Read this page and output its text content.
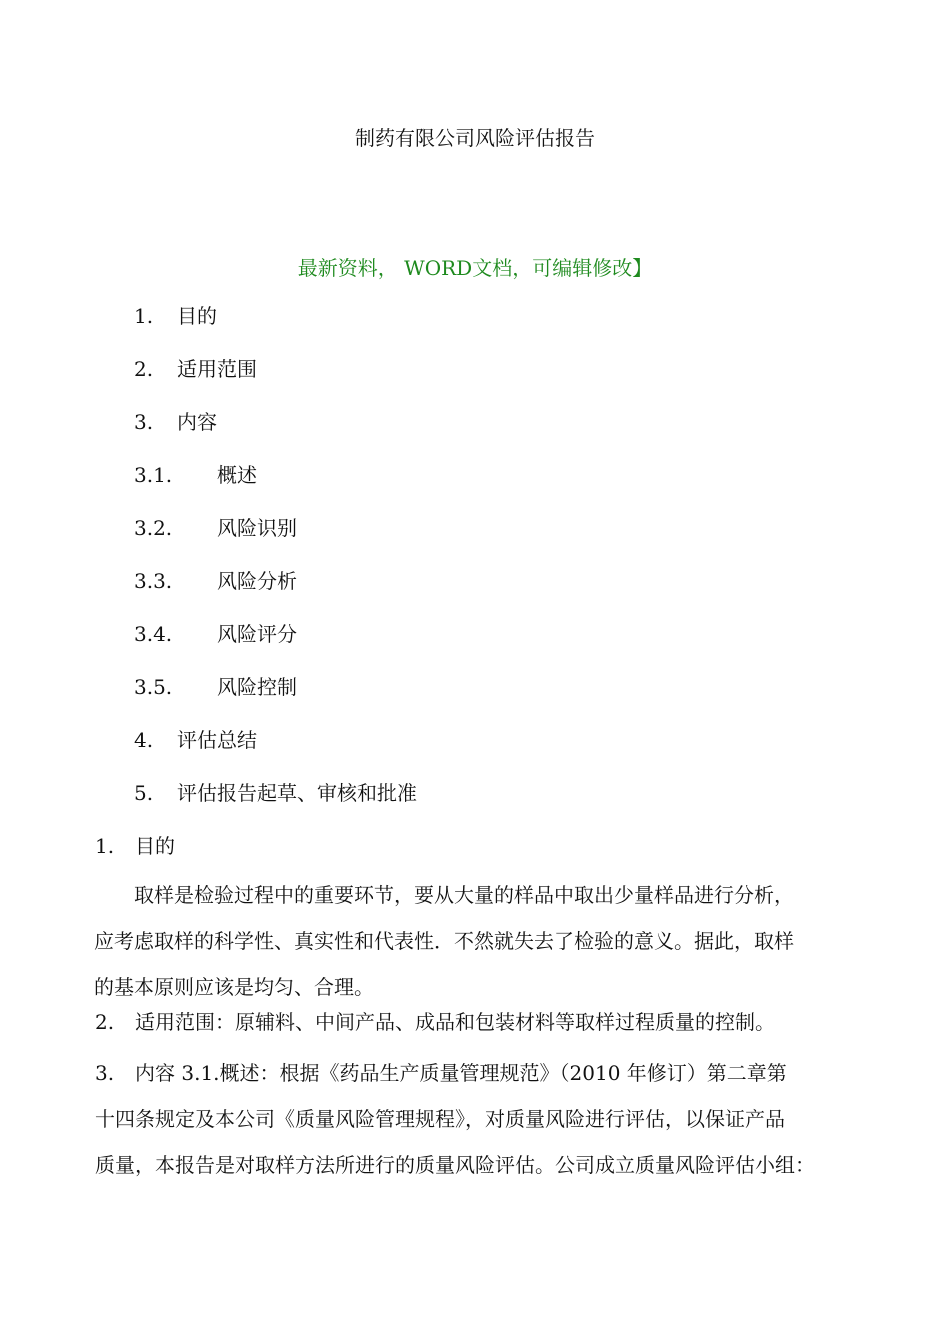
制药有限公司风险评估报告
最新资料， WORD文档，可编辑修改】
1. 目的
2. 适用范围
3. 内容
3.1. 概述
3.2. 风险识别
3.3. 风险分析
3.4. 风险评分
3.5. 风险控制
4. 评估总结
5. 评估报告起草、审核和批准
1. 目的
取样是检验过程中的重要环节，要从大量的样品中取出少量样品进行分析，
应考虑取样的科学性、真实性和代表性．不然就失去了检验的意义。据此，取样
的基本原则应该是均匀、合理。
2. 适用范围：原辅料、中间产品、成品和包装材料等取样过程质量的控制。
3. 内容 3.1.概述：根据《药品生产质量管理规范》（2010 年修订）第二章第
十四条规定及本公司《质量风险管理规程》，对质量风险进行评估，以保证产品
质量，本报告是对取样方法所进行的质量风险评估。公司成立质量风险评估小组：
